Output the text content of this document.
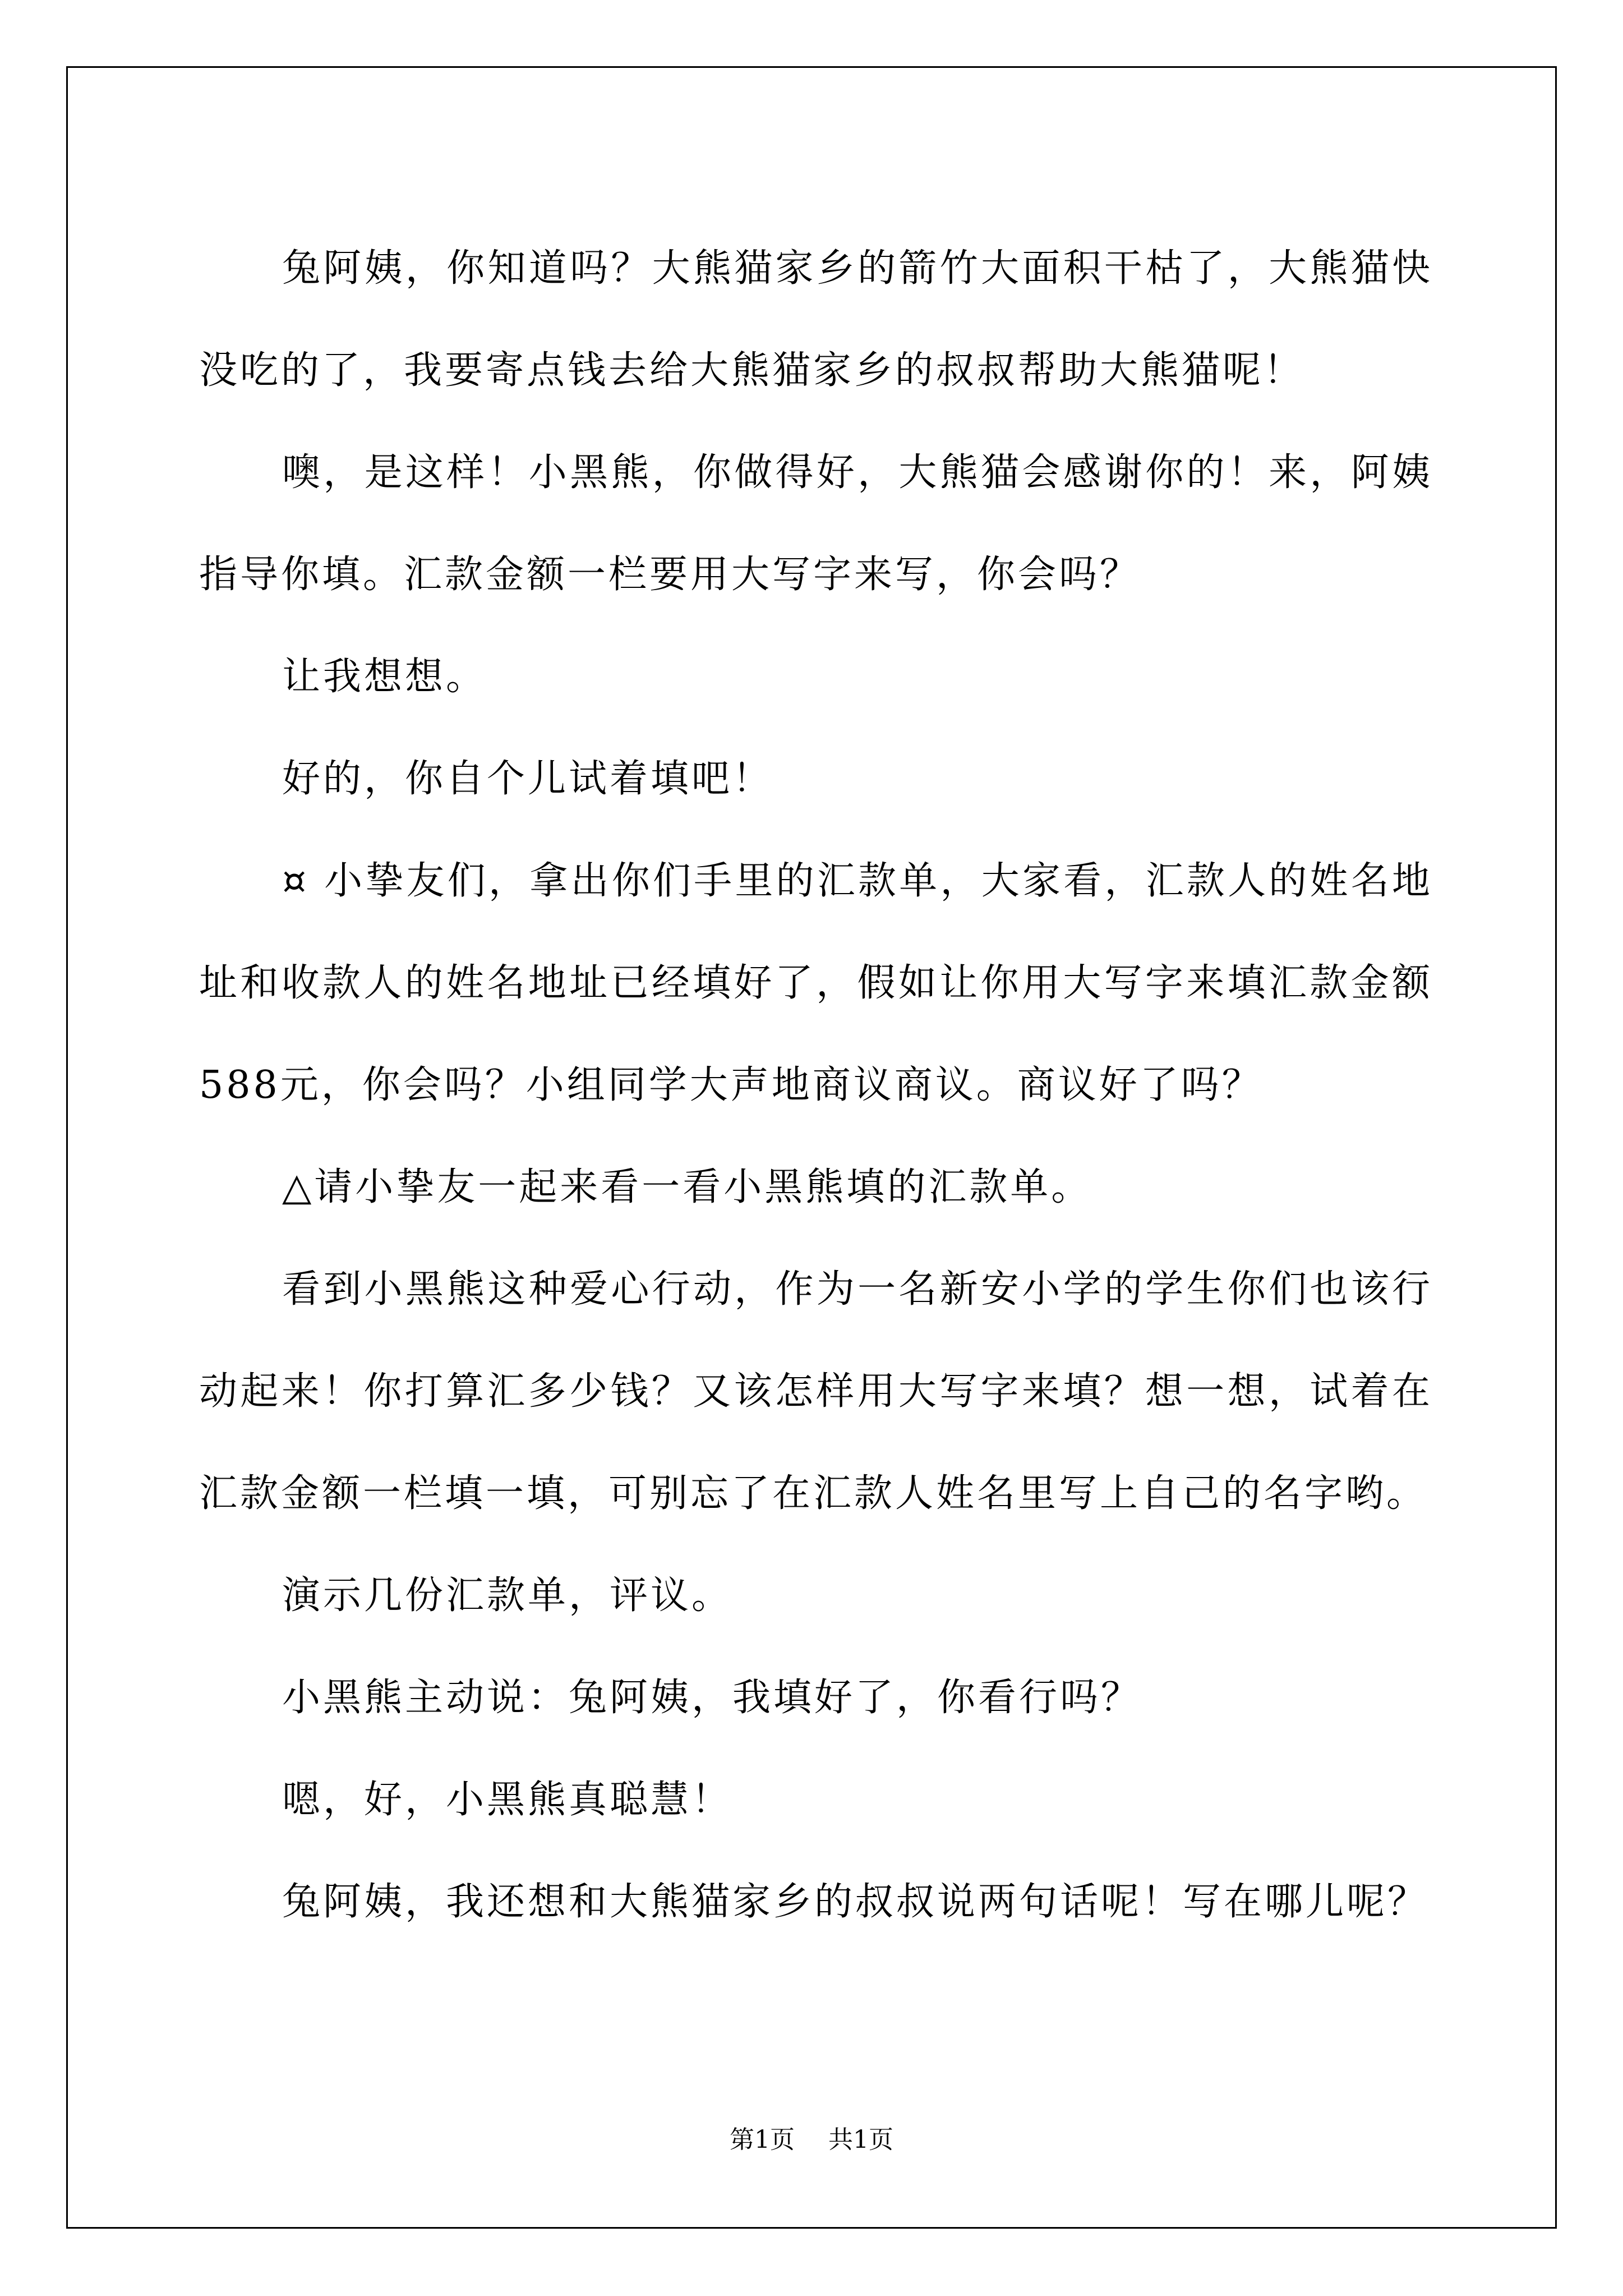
兔阿姨，你知道吗？大熊猫家乡的箭竹大面积干枯了，大熊猫快没吃的了，我要寄点钱去给大熊猫家乡的叔叔帮助大熊猫呢！

噢，是这样！小黑熊，你做得好，大熊猫会感谢你的！来，阿姨指导你填。汇款金额一栏要用大写字来写，你会吗？

让我想想。

好的，你自个儿试着填吧！

¤ 小挚友们，拿出你们手里的汇款单，大家看，汇款人的姓名地址和收款人的姓名地址已经填好了，假如让你用大写字来填汇款金额588元，你会吗？小组同学大声地商议商议。商议好了吗？

△请小挚友一起来看一看小黑熊填的汇款单。

看到小黑熊这种爱心行动，作为一名新安小学的学生你们也该行动起来！你打算汇多少钱？又该怎样用大写字来填？想一想，试着在汇款金额一栏填一填，可别忘了在汇款人姓名里写上自己的名字哟。

演示几份汇款单，评议。

小黑熊主动说：兔阿姨，我填好了，你看行吗？

嗯，好，小黑熊真聪慧！

兔阿姨，我还想和大熊猫家乡的叔叔说两句话呢！写在哪儿呢？

第1页 共1页
